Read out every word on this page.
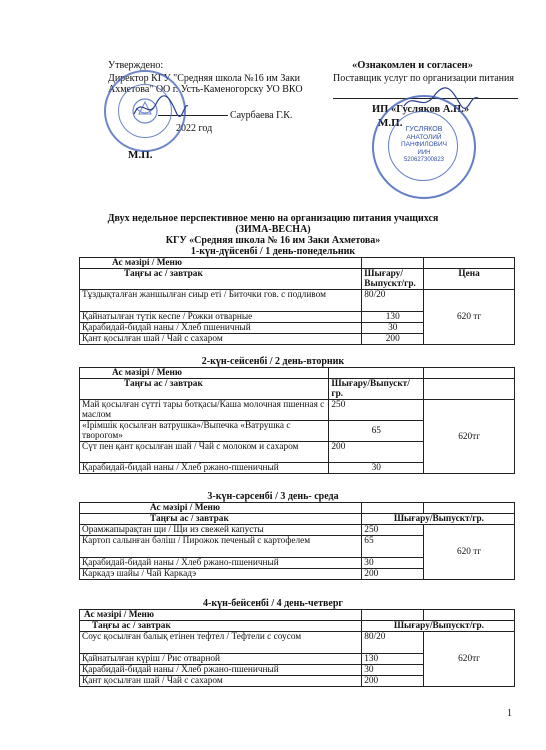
Утверждено:
Директор КГУ "Средняя школа №16 им Заки
Ахметова" ОО г. Усть-Каменогорску УО ВКО
Саурбаева Г.К.
2022 год
М.П.
«Ознакомлен и согласен»
Поставщик услуг по организации питания
ИП «Гусляков А.П.»
М.П.
ГУСЛЯКОВ
АНАТОЛИЙ
ПАНФИЛОВИЧ
ИИН
520627300823
Двух недельное перспективное меню на организацию питания учащихся
(ЗИМА-ВЕСНА)
КГУ «Средняя школа № 16 им Заки Ахметова»
1-күн-дүйсенбі / 1 день-понедельник
Ас мәзірі / Меню		
Таңғы ас / завтрак	Шығару/Выпускт/гр.	Цена
Тұздықталған жаншылған сиыр еті / Биточки гов. с подливом	80/20	620 тг
Қайнатылған түтік кеспе / Рожки отварные	130	
Қарабидай-бидай наны / Хлеб пшеничный	30	
Қант қосылған шай / Чай с сахаром	200	
2-күн-сейсенбі / 2 день-вторник
Ас мәзірі / Меню		
Таңғы ас / завтрак	Шығару/Выпускт/гр.	
Май қосылған сүтті тары ботқасы/Каша молочная пшенная с маслом	250	620тг
«Ірімшік қосылған ватрушка»/Выпечка «Ватрушка с творогом»	65	
Сүт пен қант қосылған шай / Чай с молоком и сахаром	200	
Қарабидай-бидай наны / Хлеб ржано-пшеничный	30	
3-күн-сәрсенбі / 3 день- среда
Ас мәзірі / Меню		
Таңғы ас / завтрак	Шығару/Выпускт/гр.	
Орамжапырақтан щи / Щи из свежей капусты	250	620 тг
Картоп салынған бәліш / Пирожок печеный с картофелем	65	
Қарабидай-бидай наны / Хлеб ржано-пшеничный	30	
Каркадэ шайы / Чай Каркадэ	200	
4-күн-бейсенбі / 4 день-четверг
Ас мәзірі / Меню		
Таңғы ас / завтрак	Шығару/Выпускт/гр.	
Соус қосылған балық етінен тефтел / Тефтели с соусом	80/20	620тг
Қайнатылған күріш / Рис отварной	130	
Қарабидай-бидай наны / Хлеб ржано-пшеничный	30	
Қант қосылған шай / Чай с сахаром	200	
1
